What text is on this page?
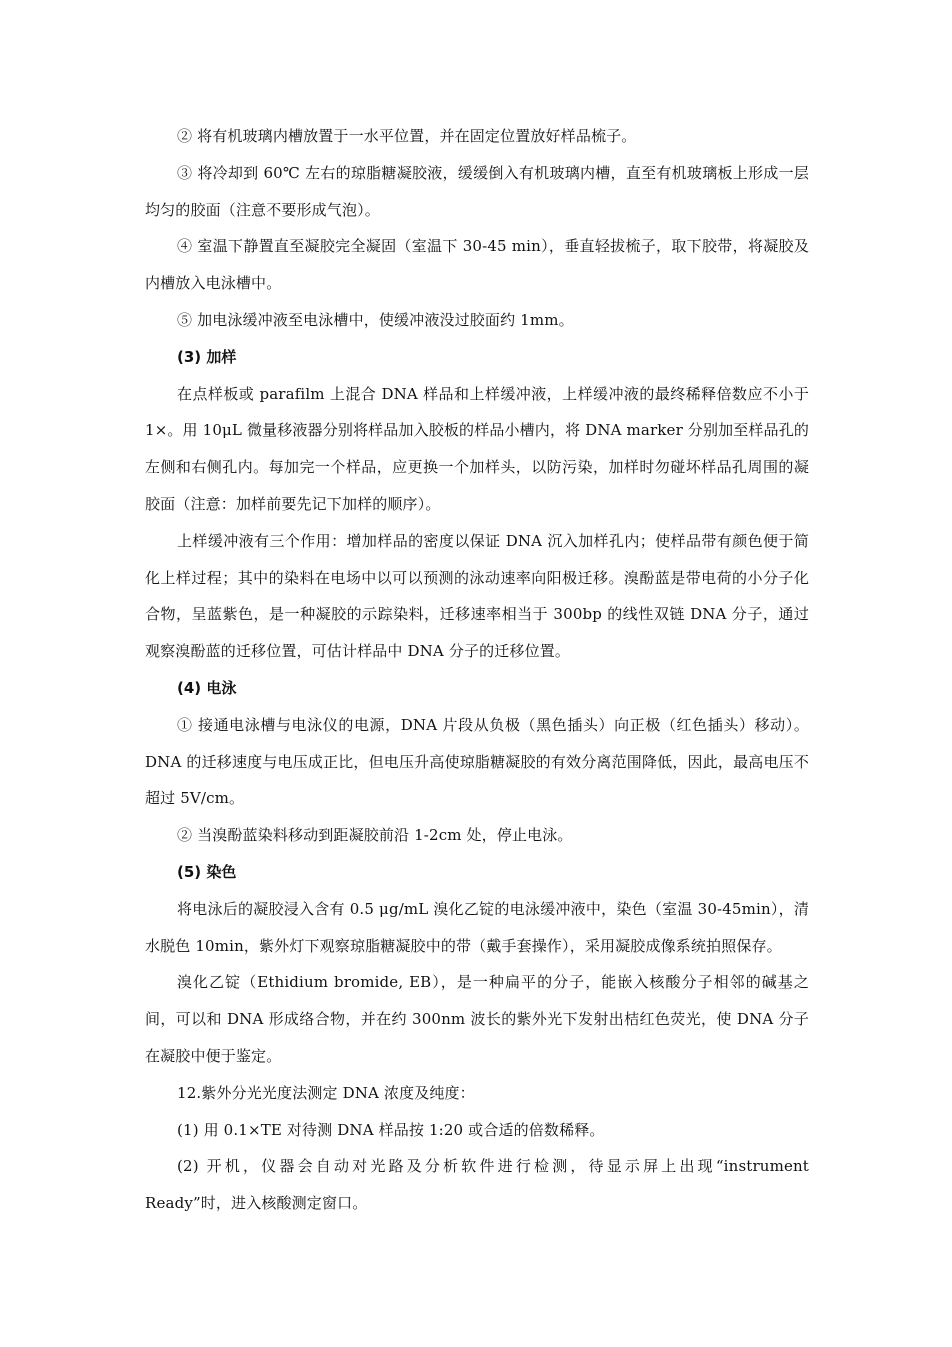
② 将有机玻璃内槽放置于一水平位置，并在固定位置放好样品梳子。

③ 将冷却到 60℃ 左右的琼脂糖凝胶液，缓缓倒入有机玻璃内槽，直至有机玻璃板上形成一层均匀的胶面（注意不要形成气泡）。

④ 室温下静置直至凝胶完全凝固（室温下 30-45 min），垂直轻拔梳子，取下胶带，将凝胶及内槽放入电泳槽中。

⑤ 加电泳缓冲液至电泳槽中，使缓冲液没过胶面约 1mm。

(3) 加样

在点样板或 parafilm 上混合 DNA 样品和上样缓冲液，上样缓冲液的最终稀释倍数应不小于 1×。用 10μL 微量移液器分别将样品加入胶板的样品小槽内，将 DNA marker 分别加至样品孔的左侧和右侧孔内。每加完一个样品，应更换一个加样头，以防污染，加样时勿碰坏样品孔周围的凝胶面（注意：加样前要先记下加样的顺序）。

上样缓冲液有三个作用：增加样品的密度以保证 DNA 沉入加样孔内；使样品带有颜色便于简化上样过程；其中的染料在电场中以可以预测的泳动速率向阳极迁移。溴酚蓝是带电荷的小分子化合物，呈蓝紫色，是一种凝胶的示踪染料，迁移速率相当于 300bp 的线性双链 DNA 分子，通过观察溴酚蓝的迁移位置，可估计样品中 DNA 分子的迁移位置。

(4) 电泳

① 接通电泳槽与电泳仪的电源，DNA 片段从负极（黑色插头）向正极（红色插头）移动）。DNA 的迁移速度与电压成正比，但电压升高使琼脂糖凝胶的有效分离范围降低，因此，最高电压不超过 5V/cm。

② 当溴酚蓝染料移动到距凝胶前沿 1-2cm 处，停止电泳。

(5) 染色

将电泳后的凝胶浸入含有 0.5 μg/mL 溴化乙锭的电泳缓冲液中，染色（室温 30-45min），清水脱色 10min，紫外灯下观察琼脂糖凝胶中的带（戴手套操作），采用凝胶成像系统拍照保存。

溴化乙锭（Ethidium bromide, EB），是一种扁平的分子，能嵌入核酸分子相邻的碱基之间，可以和 DNA 形成络合物，并在约 300nm 波长的紫外光下发射出桔红色荧光，使 DNA 分子在凝胶中便于鉴定。

12.紫外分光光度法测定 DNA 浓度及纯度：

(1) 用 0.1×TE 对待测 DNA 样品按 1:20 或合适的倍数稀释。

(2) 开机，仪器会自动对光路及分析软件进行检测，待显示屏上出现“instrument　Ready”时，进入核酸测定窗口。
